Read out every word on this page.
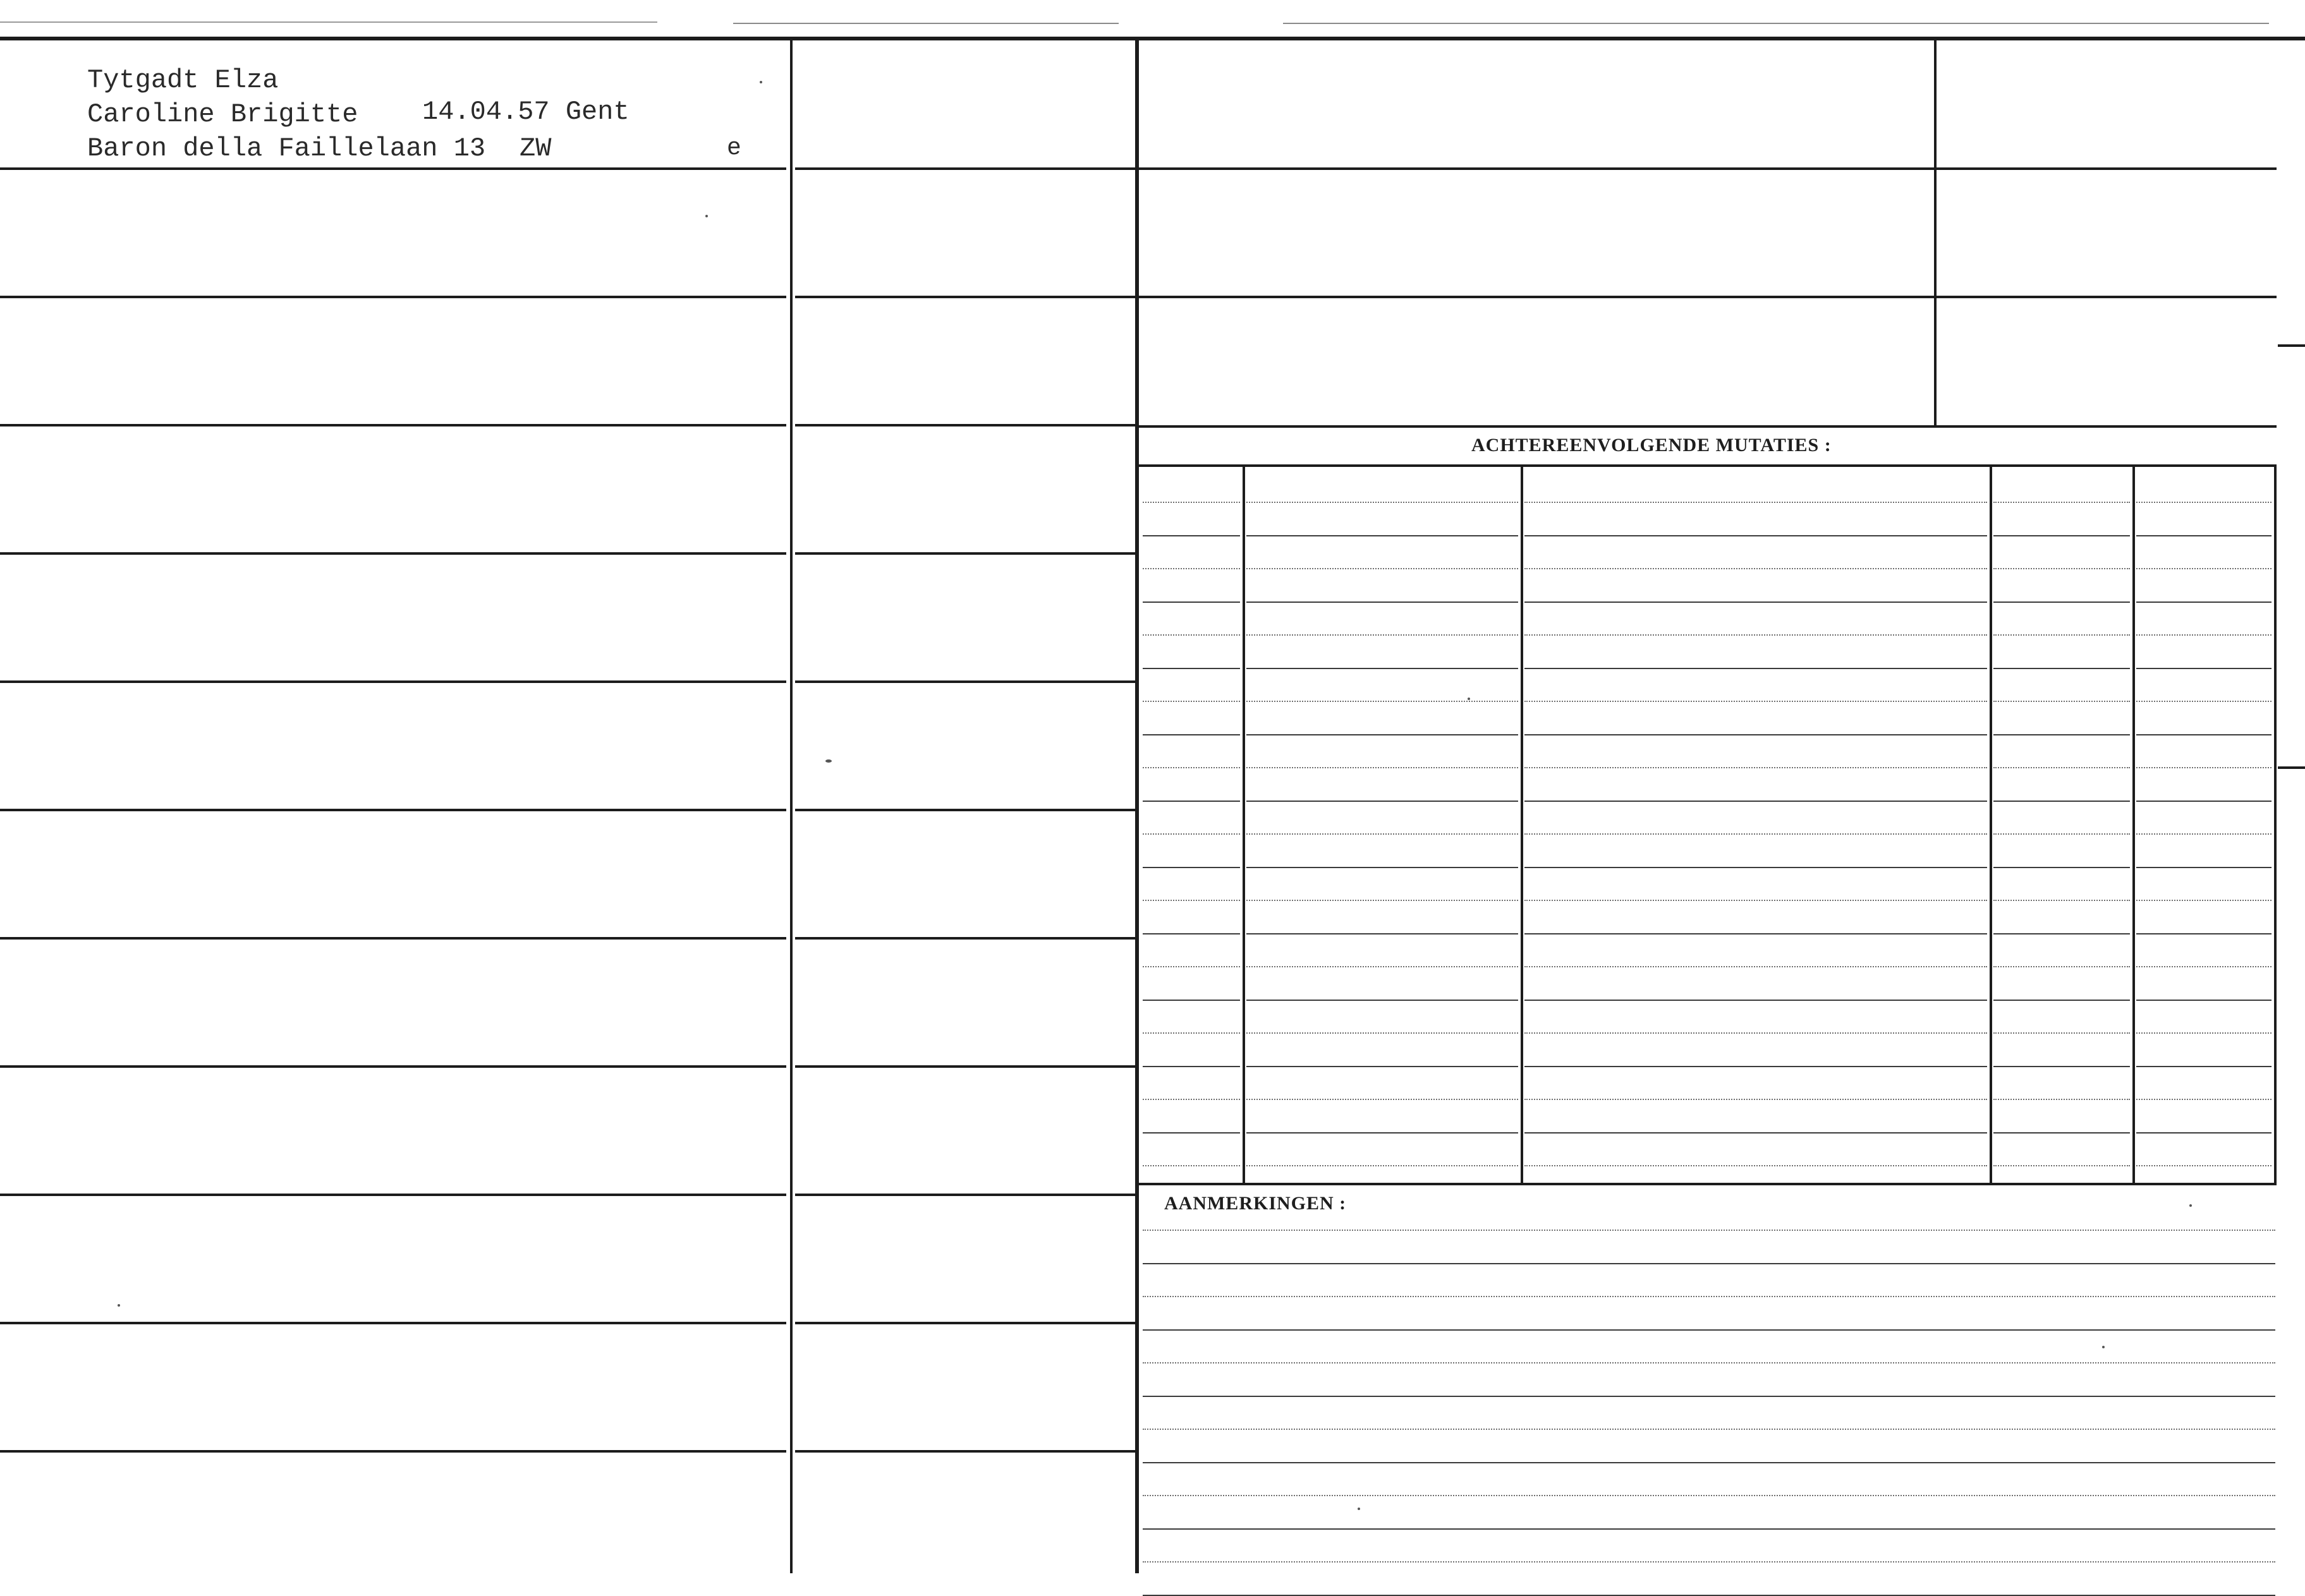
Tytgadt Elza
Caroline Brigitte 14.04.57 Gent
Baron della Faillelaan 13 ZW	e
ACHTEREENVOLGENDE MUTATIES :
AANMERKINGEN :
